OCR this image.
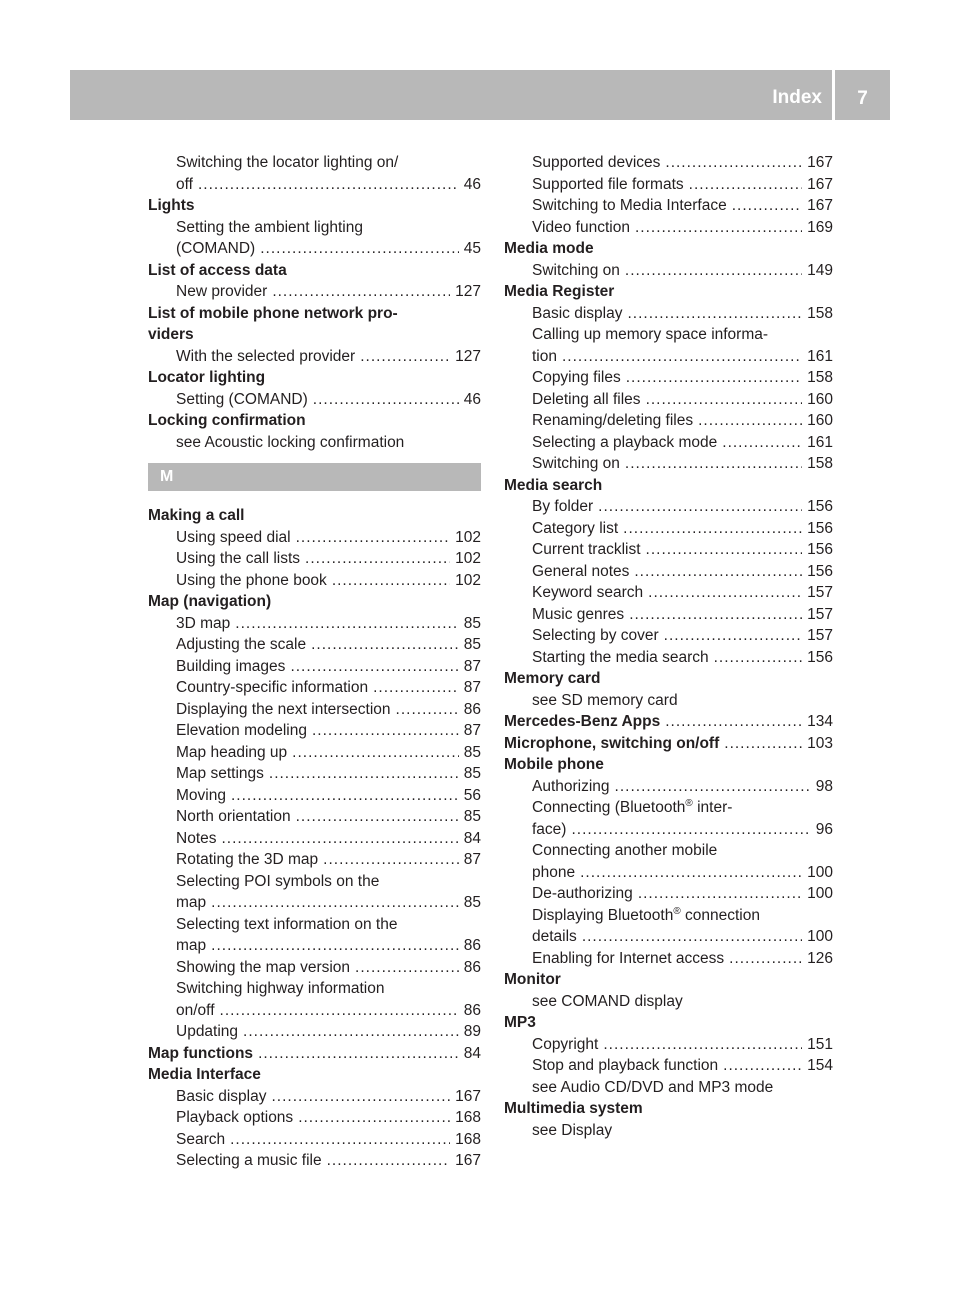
Index	7
Switching the locator lighting on/
off .....	46
Lights
Setting the ambient lighting
(COMAND) .....	45
List of access data
New provider .....	127
List of mobile phone network pro-
viders
With the selected provider .....	127
Locator lighting
Setting (COMAND) .....	46
Locking confirmation
see Acoustic locking confirmation
M
Making a call
Using speed dial .....	102
Using the call lists .....	102
Using the phone book .....	102
Map (navigation)
3D map .....	85
Adjusting the scale .....	85
Building images .....	87
Country-specific information .....	87
Displaying the next intersection .....	86
Elevation modeling .....	87
Map heading up .....	85
Map settings .....	85
Moving .....	56
North orientation .....	85
Notes .....	84
Rotating the 3D map .....	87
Selecting POI symbols on the
map .....	85
Selecting text information on the
map .....	86
Showing the map version .....	86
Switching highway information
on/off .....	86
Updating .....	89
Map functions .....	84
Media Interface
Basic display .....	167
Playback options .....	168
Search .....	168
Selecting a music file .....	167
Supported devices .....	167
Supported file formats .....	167
Switching to Media Interface .....	167
Video function .....	169
Media mode
Switching on .....	149
Media Register
Basic display .....	158
Calling up memory space informa-
tion .....	161
Copying files .....	158
Deleting all files .....	160
Renaming/deleting files .....	160
Selecting a playback mode .....	161
Switching on .....	158
Media search
By folder .....	156
Category list .....	156
Current tracklist .....	156
General notes .....	156
Keyword search .....	157
Music genres .....	157
Selecting by cover .....	157
Starting the media search .....	156
Memory card
see SD memory card
Mercedes-Benz Apps .....	134
Microphone, switching on/off .....	103
Mobile phone
Authorizing .....	98
Connecting (Bluetooth® inter-
face) .....	96
Connecting another mobile
phone .....	100
De-authorizing .....	100
Displaying Bluetooth® connection
details .....	100
Enabling for Internet access .....	126
Monitor
see COMAND display
MP3
Copyright .....	151
Stop and playback function .....	154
see Audio CD/DVD and MP3 mode
Multimedia system
see Display
